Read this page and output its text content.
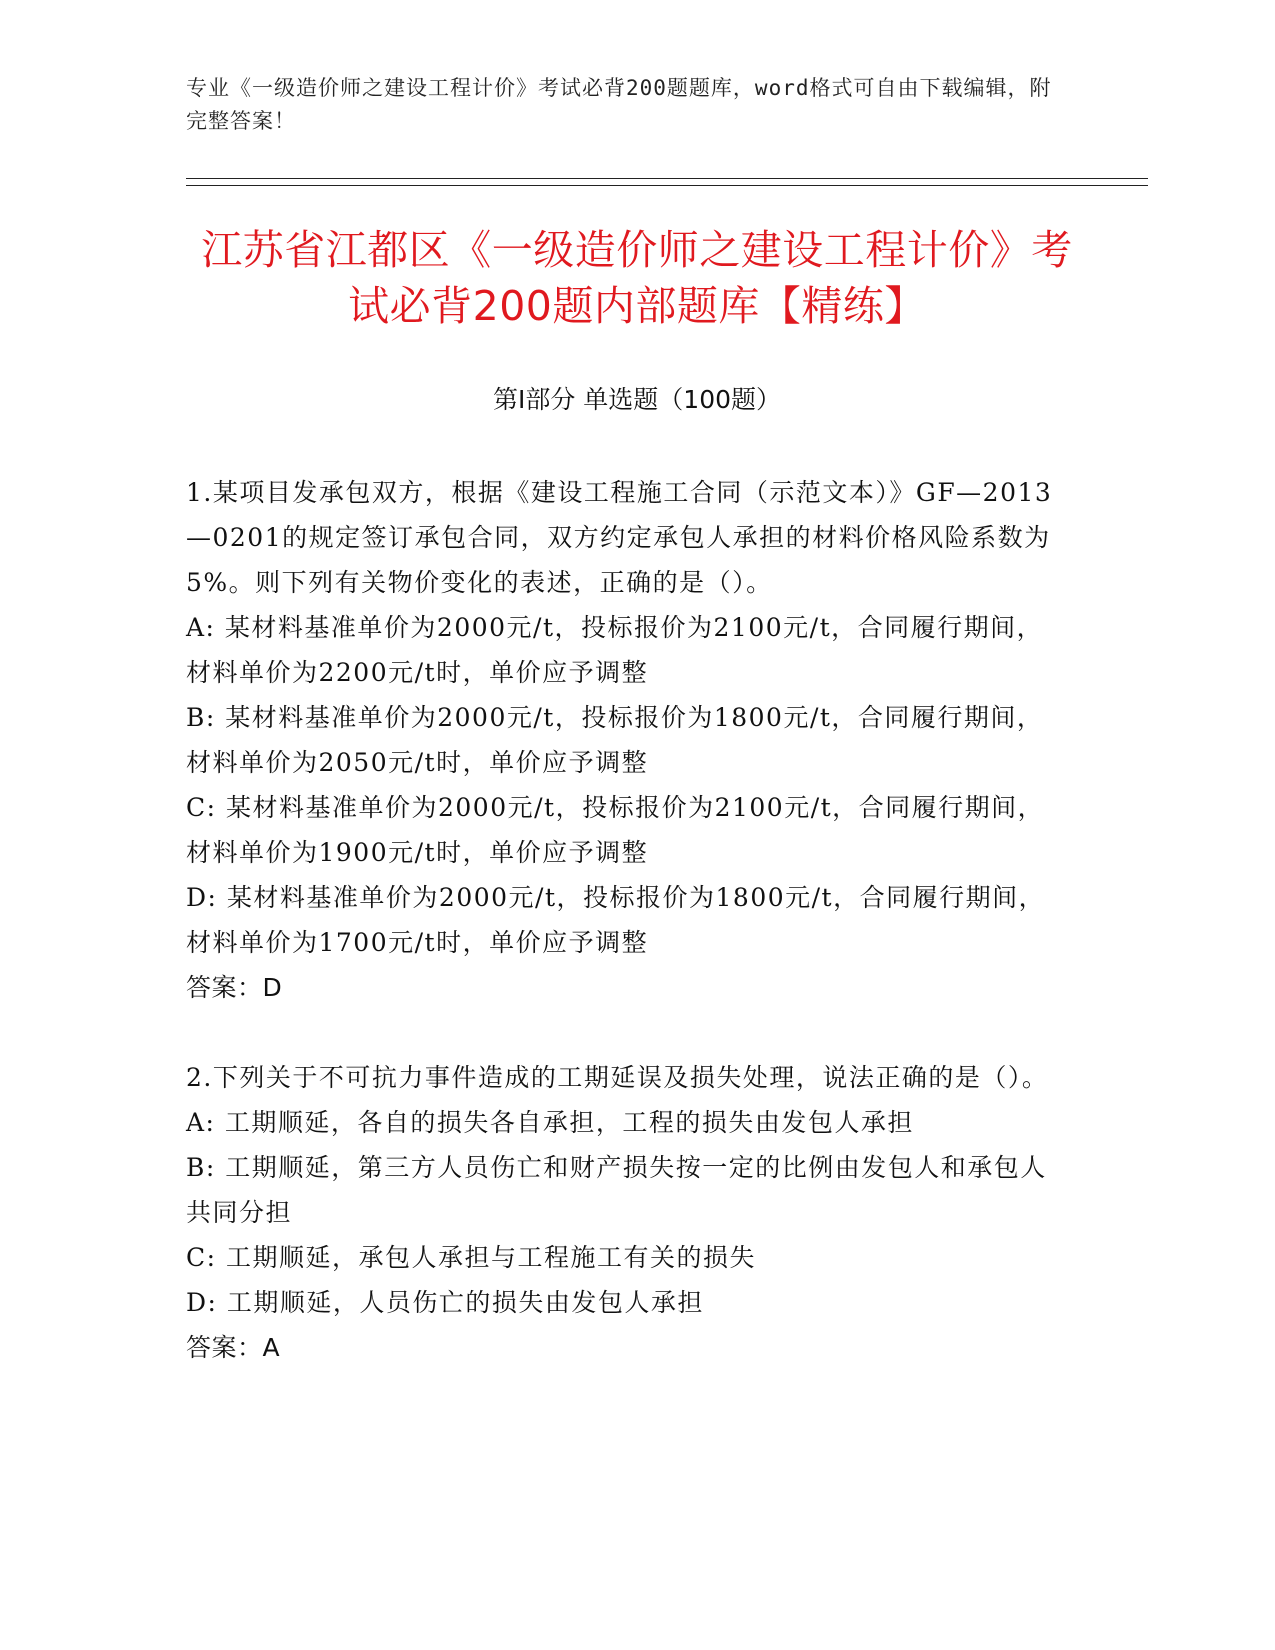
专业《一级造价师之建设工程计价》考试必背200题题库，word格式可自由下载编辑，附完整答案！
江苏省江都区《一级造价师之建设工程计价》考试必背200题内部题库【精练】
第Ⅰ部分 单选题（100题）

1.某项目发承包双方，根据《建设工程施工合同（示范文本）》GF—2013—0201的规定签订承包合同，双方约定承包人承担的材料价格风险系数为5%。则下列有关物价变化的表述，正确的是（）。

A: 某材料基准单价为2000元/t，投标报价为2100元/t，合同履行期间，材料单价为2200元/t时，单价应予调整

B: 某材料基准单价为2000元/t，投标报价为1800元/t，合同履行期间，材料单价为2050元/t时，单价应予调整

C: 某材料基准单价为2000元/t，投标报价为2100元/t，合同履行期间，材料单价为1900元/t时，单价应予调整

D: 某材料基准单价为2000元/t，投标报价为1800元/t，合同履行期间，材料单价为1700元/t时，单价应予调整

答案：D

2.下列关于不可抗力事件造成的工期延误及损失处理，说法正确的是（）。

A: 工期顺延，各自的损失各自承担，工程的损失由发包人承担

B: 工期顺延，第三方人员伤亡和财产损失按一定的比例由发包人和承包人共同分担

C: 工期顺延，承包人承担与工程施工有关的损失

D: 工期顺延，人员伤亡的损失由发包人承担

答案：A
